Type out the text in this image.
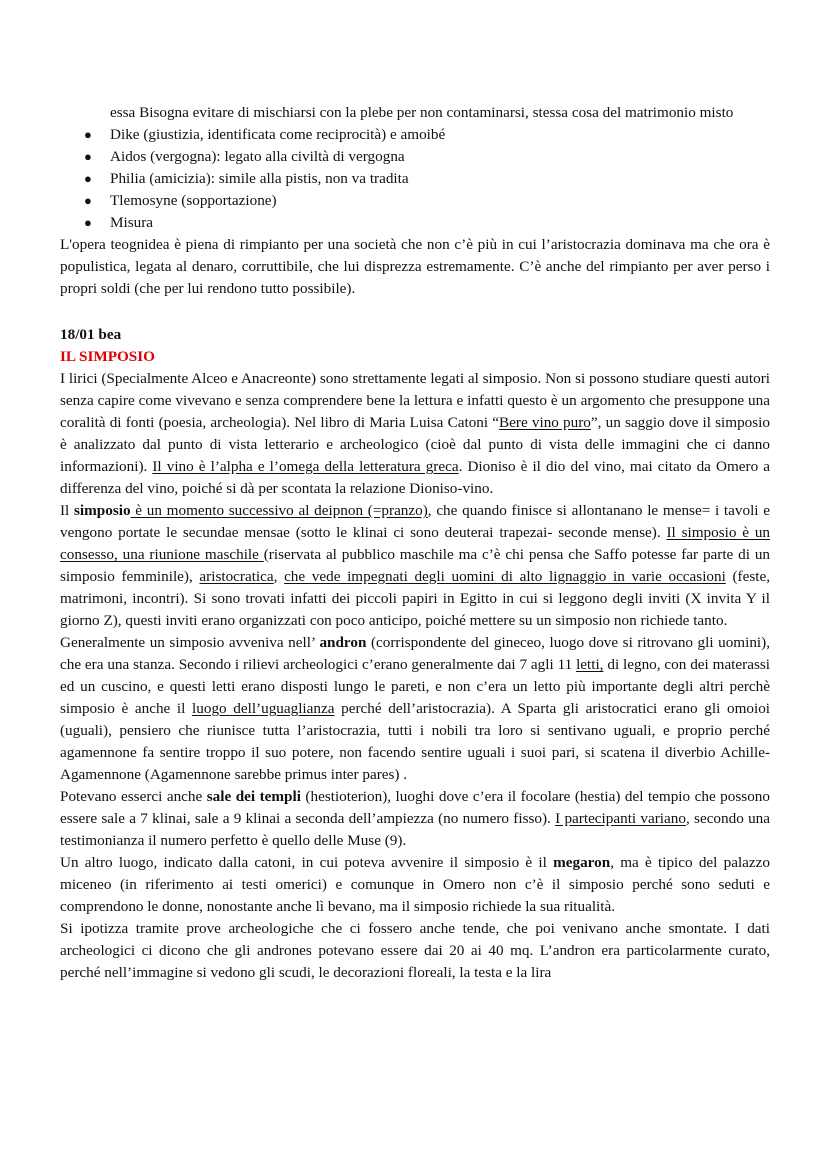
essa Bisogna evitare di mischiarsi con la plebe per non contaminarsi, stessa cosa del matrimonio misto

● Dike (giustizia, identificata come reciprocità) e amoibé
● Aidos (vergogna): legato alla civiltà di vergogna
● Philia (amicizia): simile alla pistis, non va tradita
● Tlemosyne (sopportazione)
● Misura

L'opera teognidea è piena di rimpianto per una società che non c’è più in cui l’aristocrazia dominava ma che ora è populistica, legata al denaro, corruttibile, che lui disprezza estremamente. C’è anche del rimpianto per aver perso i propri soldi (che per lui rendono tutto possibile).

18/01 bea

IL SIMPOSIO

I lirici (Specialmente Alceo e Anacreonte) sono strettamente legati al simposio. Non si possono studiare questi autori senza capire come vivevano e senza comprendere bene la lettura e infatti questo è un argomento che presuppone una coralità di fonti (poesia, archeologia). Nel libro di Maria Luisa Catoni “Bere vino puro”, un saggio dove il simposio è analizzato dal punto di vista letterario e archeologico (cioè dal punto di vista delle immagini che ci danno informazioni). Il vino è l’alpha e l’omega della letteratura greca. Dioniso è il dio del vino, mai citato da Omero a differenza del vino, poiché si dà per scontata la relazione Dioniso-vino.

Il simposio è un momento successivo al deipnon (=pranzo), che quando finisce si allontanano le mense= i tavoli e vengono portate le secundae mensae (sotto le klinai ci sono deuterai trapezai- seconde mense). Il simposio è un consesso, una riunione maschile (riservata al pubblico maschile ma c’è chi pensa che Saffo potesse far parte di un simposio femminile), aristocratica, che vede impegnati degli uomini di alto lignaggio in varie occasioni (feste, matrimoni, incontri). Si sono trovati infatti dei piccoli papiri in Egitto in cui si leggono degli inviti (X invita Y il giorno Z), questi inviti erano organizzati con poco anticipo, poiché mettere su un simposio non richiede tanto.

Generalmente un simposio avveniva nell’ andron (corrispondente del gineceo, luogo dove si ritrovano gli uomini), che era una stanza. Secondo i rilievi archeologici c’erano generalmente dai 7 agli 11 letti, di legno, con dei materassi ed un cuscino, e questi letti erano disposti lungo le pareti, e non c’era un letto più importante degli altri perchè simposio è anche il luogo dell’uguaglianza perché dell’aristocrazia). A Sparta gli aristocratici erano gli omoioi (uguali), pensiero che riunisce tutta l’aristocrazia, tutti i nobili tra loro si sentivano uguali, e proprio perché agamennone fa sentire troppo il suo potere, non facendo sentire uguali i suoi pari, si scatena il diverbio Achille-Agamennone (Agamennone sarebbe primus inter pares) .

Potevano esserci anche sale dei templi (hestioterion), luoghi dove c’era il focolare (hestia) del tempio che possono essere sale a 7 klinai, sale a 9 klinai a seconda dell’ampiezza (no numero fisso). I partecipanti variano, secondo una testimonianza il numero perfetto è quello delle Muse (9).

Un altro luogo, indicato dalla catoni, in cui poteva avvenire il simposio è il megaron, ma è tipico del palazzo miceneo (in riferimento ai testi omerici) e comunque in Omero non c’è il simposio perché sono seduti e comprendono le donne, nonostante anche lì bevano, ma il simposio richiede la sua ritualità.

Si ipotizza tramite prove archeologiche che ci fossero anche tende, che poi venivano anche smontate. I dati archeologici ci dicono che gli andrones potevano essere dai 20 ai 40 mq. L’andron era particolarmente curato, perché nell’immagine si vedono gli scudi, le decorazioni floreali, la testa e la lira
